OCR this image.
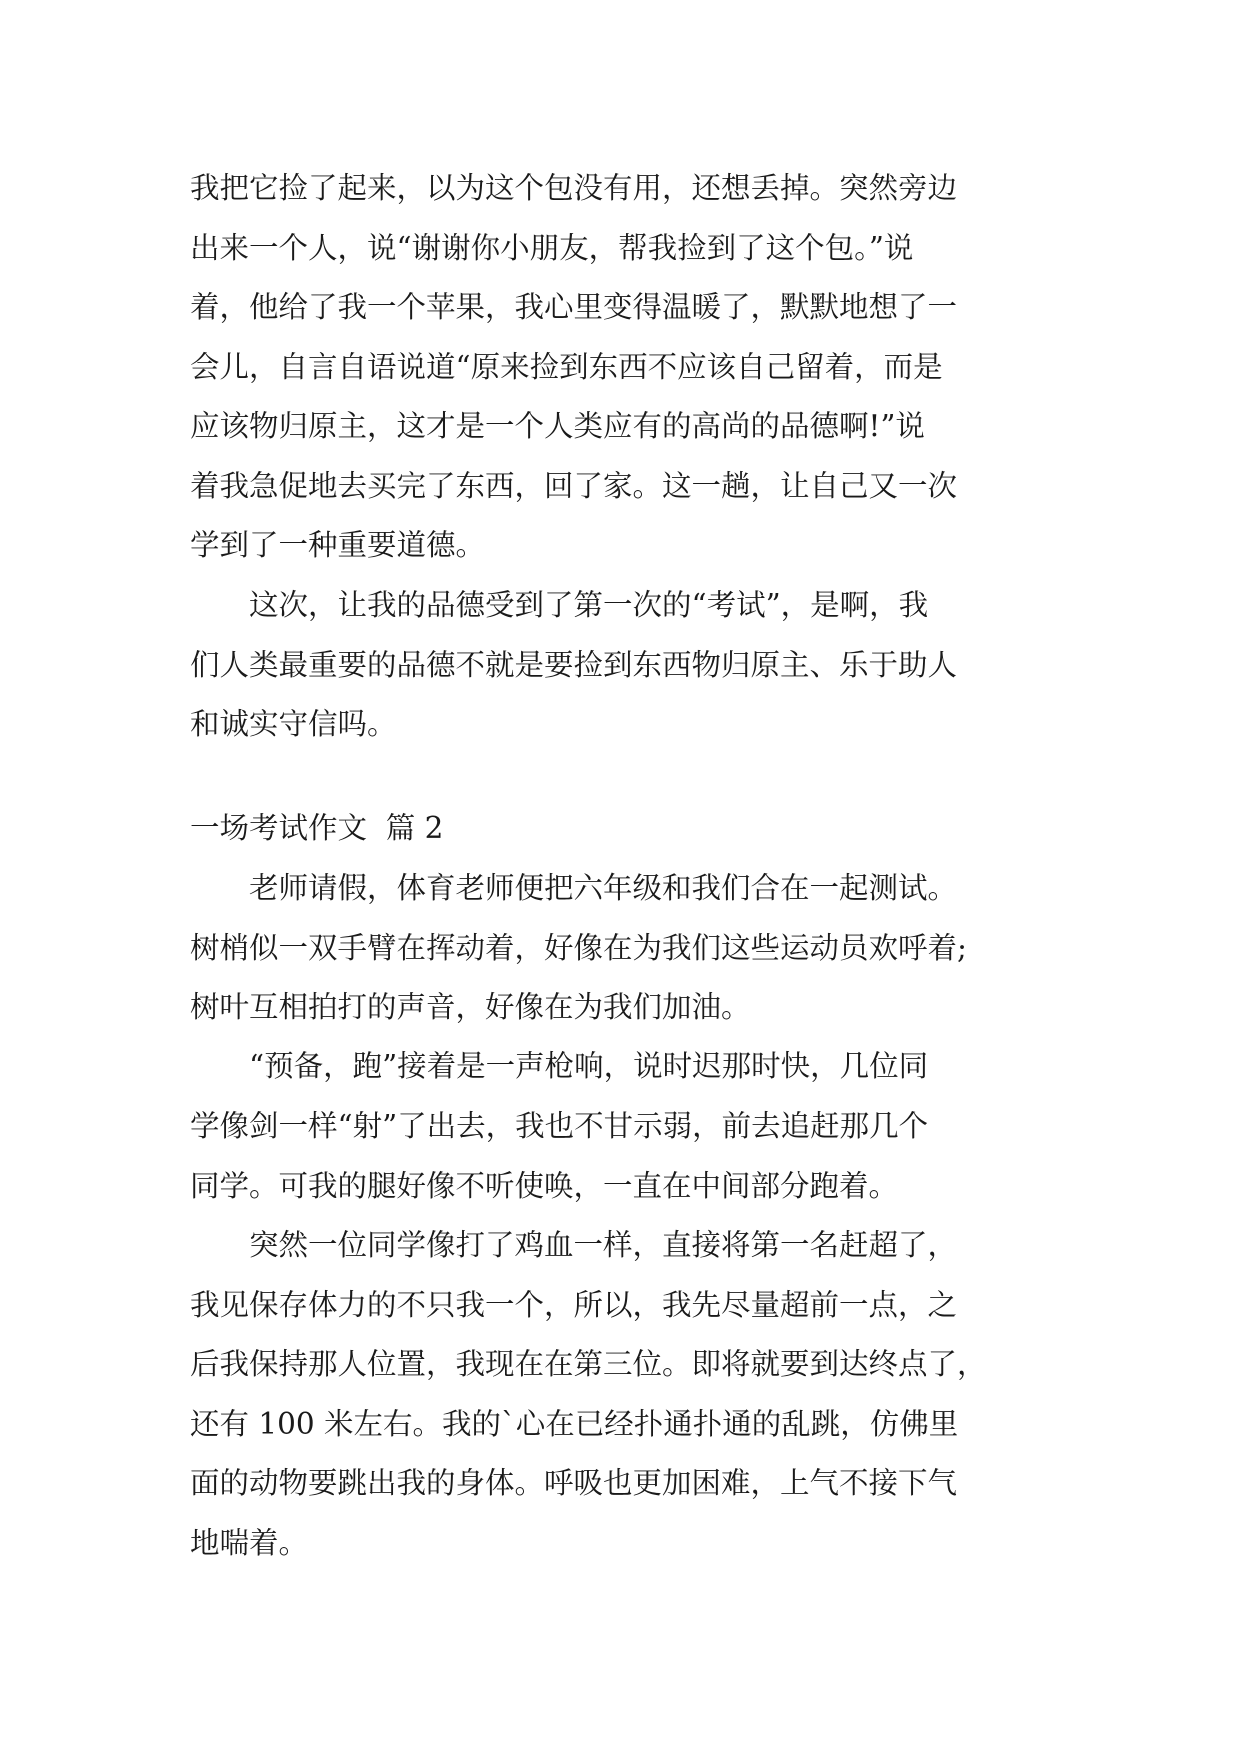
我把它捡了起来，以为这个包没有用，还想丢掉。突然旁边
出来一个人，说“谢谢你小朋友，帮我捡到了这个包。”说
着，他给了我一个苹果，我心里变得温暖了，默默地想了一
会儿，自言自语说道“原来捡到东西不应该自己留着，而是
应该物归原主，这才是一个人类应有的高尚的品德啊!”说
着我急促地去买完了东西，回了家。这一趟，让自己又一次
学到了一种重要道德。
　　这次，让我的品德受到了第一次的“考试”，是啊，我
们人类最重要的品德不就是要捡到东西物归原主、乐于助人
和诚实守信吗。
一场考试作文  篇 2
　　老师请假，体育老师便把六年级和我们合在一起测试。
树梢似一双手臂在挥动着，好像在为我们这些运动员欢呼着;
树叶互相拍打的声音，好像在为我们加油。
　　“预备，跑”接着是一声枪响，说时迟那时快，几位同
学像剑一样“射”了出去，我也不甘示弱，前去追赶那几个
同学。可我的腿好像不听使唤，一直在中间部分跑着。
　　突然一位同学像打了鸡血一样，直接将第一名赶超了，
我见保存体力的不只我一个，所以，我先尽量超前一点，之
后我保持那人位置，我现在在第三位。即将就要到达终点了，
还有 100 米左右。我的`心在已经扑通扑通的乱跳，仿佛里
面的动物要跳出我的身体。呼吸也更加困难，上气不接下气
地喘着。
